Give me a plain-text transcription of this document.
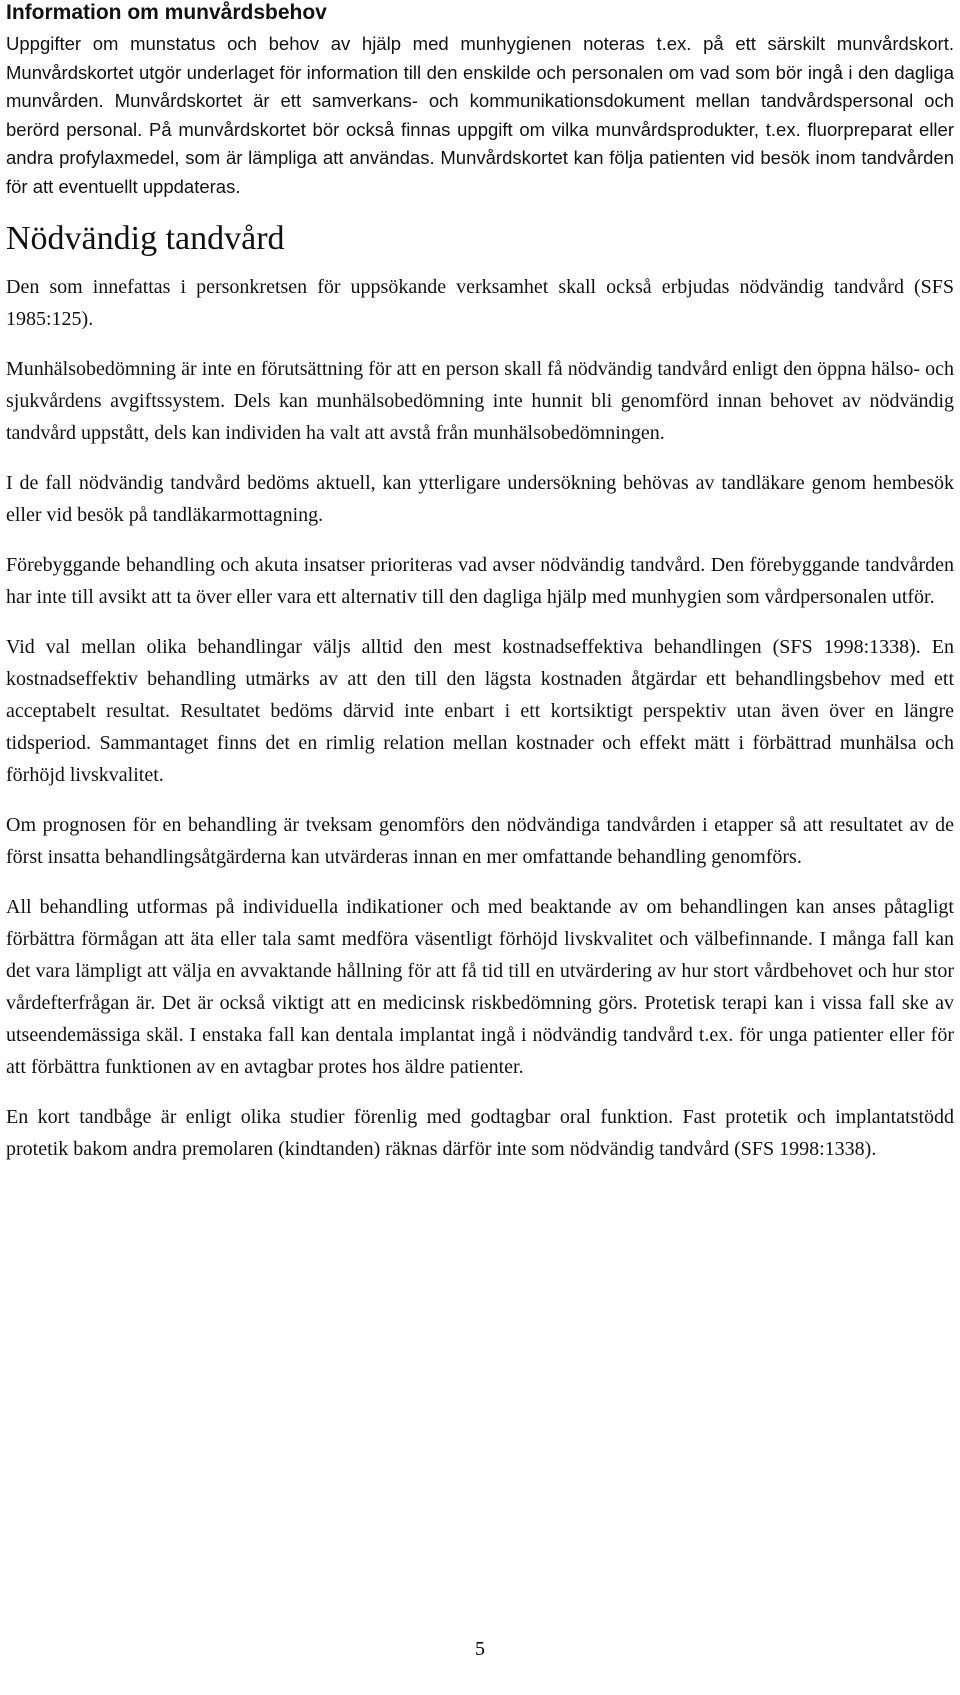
Information om munvårdsbehov

Uppgifter om munstatus och behov av hjälp med munhygienen noteras t.ex. på ett särskilt munvårdskort. Munvårdskortet utgör underlaget för information till den enskilde och personalen om vad som bör ingå i den dagliga munvården. Munvårdskortet är ett samverkans- och kommunikationsdokument mellan tandvårdspersonal och berörd personal. På munvårdskortet bör också finnas uppgift om vilka munvårdsprodukter, t.ex. fluorpreparat eller andra profylaxmedel, som är lämpliga att användas. Munvårdskortet kan följa patienten vid besök inom tandvården för att eventuellt uppdateras.

Nödvändig tandvård

Den som innefattas i personkretsen för uppsökande verksamhet skall också erbjudas nödvändig tandvård (SFS 1985:125).

Munhälsobedömning är inte en förutsättning för att en person skall få nödvändig tandvård enligt den öppna hälso- och sjukvårdens avgiftssystem. Dels kan munhälsobedömning inte hunnit bli genomförd innan behovet av nödvändig tandvård uppstått, dels kan individen ha valt att avstå från munhälsobedömningen.

I de fall nödvändig tandvård bedöms aktuell, kan ytterligare undersökning behövas av tandläkare genom hembesök eller vid besök på tandläkarmottagning.

Förebyggande behandling och akuta insatser prioriteras vad avser nödvändig tandvård. Den förebyggande tandvården har inte till avsikt att ta över eller vara ett alternativ till den dagliga hjälp med munhygien som vårdpersonalen utför.

Vid val mellan olika behandlingar väljs alltid den mest kostnadseffektiva behandlingen (SFS 1998:1338). En kostnadseffektiv behandling utmärks av att den till den lägsta kostnaden åtgärdar ett behandlingsbehov med ett acceptabelt resultat. Resultatet bedöms därvid inte enbart i ett kortsiktigt perspektiv utan även över en längre tidsperiod. Sammantaget finns det en rimlig relation mellan kostnader och effekt mätt i förbättrad munhälsa och förhöjd livskvalitet.

Om prognosen för en behandling är tveksam genomförs den nödvändiga tandvården i etapper så att resultatet av de först insatta behandlingsåtgärderna kan utvärderas innan en mer omfattande behandling genomförs.

All behandling utformas på individuella indikationer och med beaktande av om behandlingen kan anses påtagligt förbättra förmågan att äta eller tala samt medföra väsentligt förhöjd livskvalitet och välbefinnande. I många fall kan det vara lämpligt att välja en avvaktande hållning för att få tid till en utvärdering av hur stort vårdbehovet och hur stor vårdefterfrågan är. Det är också viktigt att en medicinsk riskbedömning görs. Protetisk terapi kan i vissa fall ske av utseendemässiga skäl. I enstaka fall kan dentala implantat ingå i nödvändig tandvård t.ex. för unga patienter eller för att förbättra funktionen av en avtagbar protes hos äldre patienter.

En kort tandbåge är enligt olika studier förenlig med godtagbar oral funktion. Fast protetik och implantatstödd protetik bakom andra premolaren (kindtanden) räknas därför inte som nödvändig tandvård (SFS 1998:1338).

5
